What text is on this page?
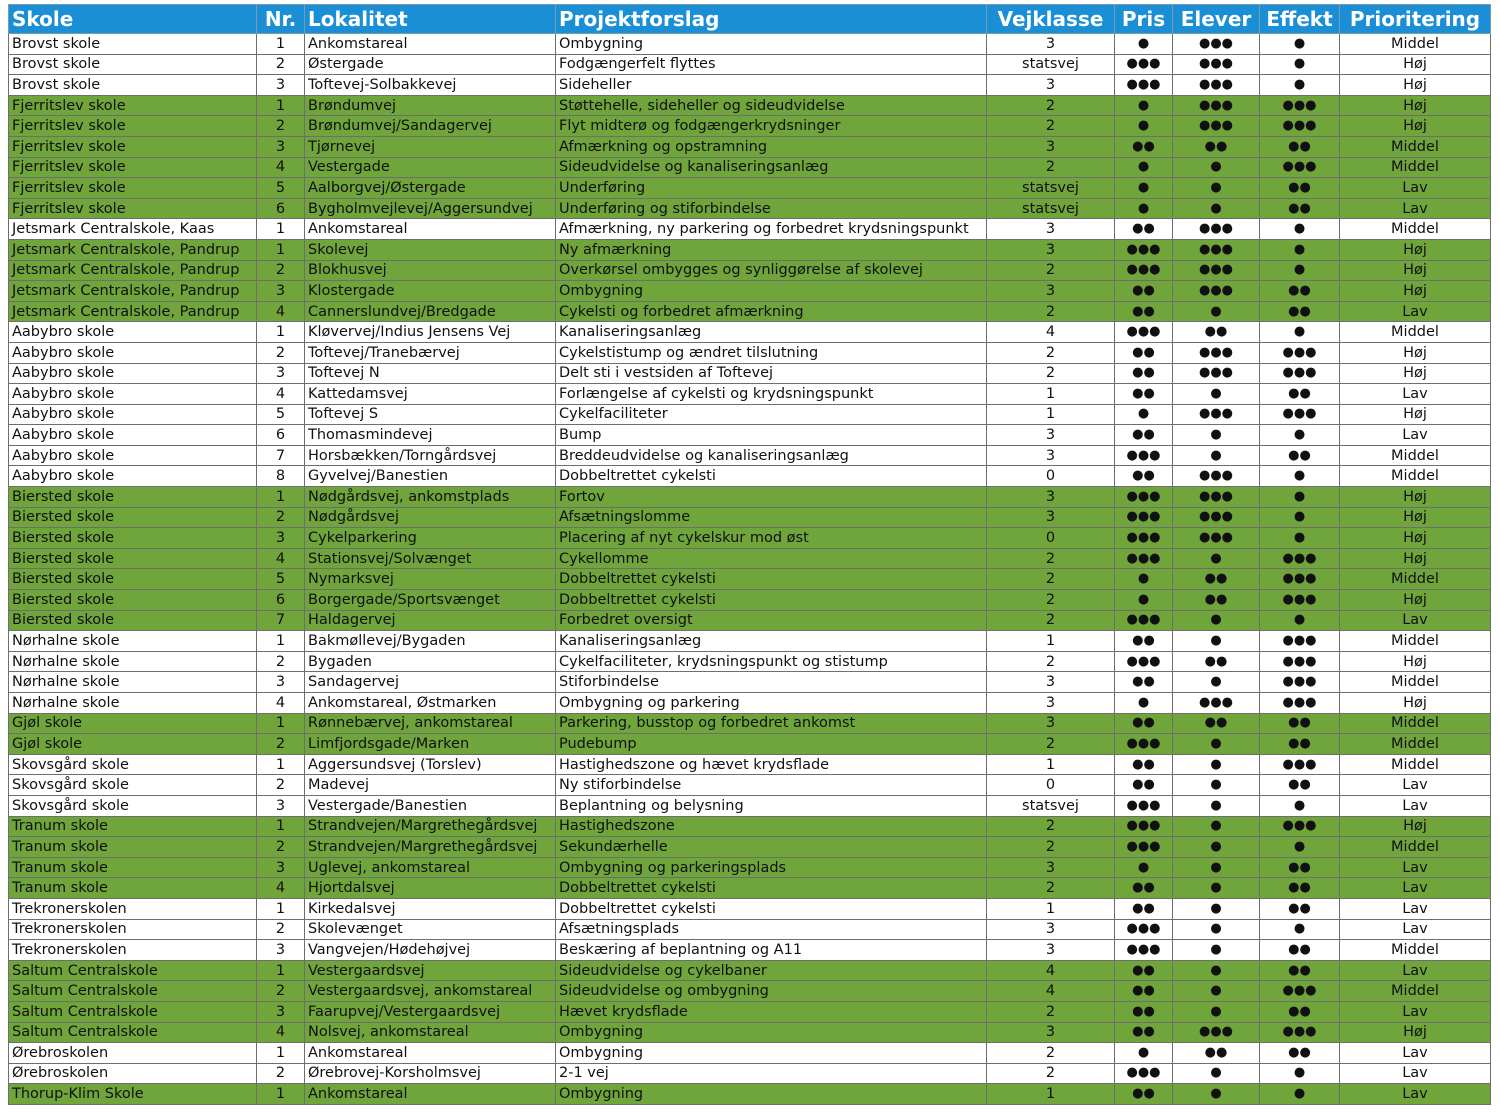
Skole	Nr.	Lokalitet	Projektforslag	Vejklasse	Pris	Elever	Effekt	Prioritering
Brovst skole	1	Ankomstareal	Ombygning	3	●	●●●	●	Middel
Brovst skole	2	Østergade	Fodgængerfelt flyttes	statsvej	●●●	●●●	●	Høj
Brovst skole	3	Toftevej-Solbakkevej	Sideheller	3	●●●	●●●	●	Høj
Fjerritslev skole	1	Brøndumvej	Støttehelle, sideheller og sideudvidelse	2	●	●●●	●●●	Høj
Fjerritslev skole	2	Brøndumvej/Sandagervej	Flyt midterø og fodgængerkrydsninger	2	●	●●●	●●●	Høj
Fjerritslev skole	3	Tjørnevej	Afmærkning og opstramning	3	●●	●●	●●	Middel
Fjerritslev skole	4	Vestergade	Sideudvidelse og kanaliseringsanlæg	2	●	●	●●●	Middel
Fjerritslev skole	5	Aalborgvej/Østergade	Underføring	statsvej	●	●	●●	Lav
Fjerritslev skole	6	Bygholmvejlevej/Aggersundvej	Underføring og stiforbindelse	statsvej	●	●	●●	Lav
Jetsmark Centralskole, Kaas	1	Ankomstareal	Afmærkning, ny parkering og forbedret krydsningspunkt	3	●●	●●●	●	Middel
Jetsmark Centralskole, Pandrup	1	Skolevej	Ny afmærkning	3	●●●	●●●	●	Høj
Jetsmark Centralskole, Pandrup	2	Blokhusvej	Overkørsel ombygges og synliggørelse af skolevej	2	●●●	●●●	●	Høj
Jetsmark Centralskole, Pandrup	3	Klostergade	Ombygning	3	●●	●●●	●●	Høj
Jetsmark Centralskole, Pandrup	4	Cannerslundvej/Bredgade	Cykelsti og forbedret afmærkning	2	●●	●	●●	Lav
Aabybro skole	1	Kløvervej/Indius Jensens Vej	Kanaliseringsanlæg	4	●●●	●●	●	Middel
Aabybro skole	2	Toftevej/Tranebærvej	Cykelstistump og ændret tilslutning	2	●●	●●●	●●●	Høj
Aabybro skole	3	Toftevej N	Delt sti i vestsiden af Toftevej	2	●●	●●●	●●●	Høj
Aabybro skole	4	Kattedamsvej	Forlængelse af cykelsti og krydsningspunkt	1	●●	●	●●	Lav
Aabybro skole	5	Toftevej S	Cykelfaciliteter	1	●	●●●	●●●	Høj
Aabybro skole	6	Thomasmindevej	Bump	3	●●	●	●	Lav
Aabybro skole	7	Horsbækken/Torngårdsvej	Breddeudvidelse og kanaliseringsanlæg	3	●●●	●	●●	Middel
Aabybro skole	8	Gyvelvej/Banestien	Dobbeltrettet cykelsti	0	●●	●●●	●	Middel
Biersted skole	1	Nødgårdsvej, ankomstplads	Fortov	3	●●●	●●●	●	Høj
Biersted skole	2	Nødgårdsvej	Afsætningslomme	3	●●●	●●●	●	Høj
Biersted skole	3	Cykelparkering	Placering af nyt cykelskur mod øst	0	●●●	●●●	●	Høj
Biersted skole	4	Stationsvej/Solvænget	Cykellomme	2	●●●	●	●●●	Høj
Biersted skole	5	Nymarksvej	Dobbeltrettet cykelsti	2	●	●●	●●●	Middel
Biersted skole	6	Borgergade/Sportsvænget	Dobbeltrettet cykelsti	2	●	●●	●●●	Høj
Biersted skole	7	Haldagervej	Forbedret oversigt	2	●●●	●	●	Lav
Nørhalne skole	1	Bakmøllevej/Bygaden	Kanaliseringsanlæg	1	●●	●	●●●	Middel
Nørhalne skole	2	Bygaden	Cykelfaciliteter, krydsningspunkt og stistump	2	●●●	●●	●●●	Høj
Nørhalne skole	3	Sandagervej	Stiforbindelse	3	●●	●	●●●	Middel
Nørhalne skole	4	Ankomstareal, Østmarken	Ombygning og parkering	3	●	●●●	●●●	Høj
Gjøl skole	1	Rønnebærvej, ankomstareal	Parkering, busstop og forbedret ankomst	3	●●	●●	●●	Middel
Gjøl skole	2	Limfjordsgade/Marken	Pudebump	2	●●●	●	●●	Middel
Skovsgård skole	1	Aggersundsvej (Torslev)	Hastighedszone og hævet krydsflade	1	●●	●	●●●	Middel
Skovsgård skole	2	Madevej	Ny stiforbindelse	0	●●	●	●●	Lav
Skovsgård skole	3	Vestergade/Banestien	Beplantning og belysning	statsvej	●●●	●	●	Lav
Tranum skole	1	Strandvejen/Margrethegårdsvej	Hastighedszone	2	●●●	●	●●●	Høj
Tranum skole	2	Strandvejen/Margrethegårdsvej	Sekundærhelle	2	●●●	●	●	Middel
Tranum skole	3	Uglevej, ankomstareal	Ombygning og parkeringsplads	3	●	●	●●	Lav
Tranum skole	4	Hjortdalsvej	Dobbeltrettet cykelsti	2	●●	●	●●	Lav
Trekronerskolen	1	Kirkedalsvej	Dobbeltrettet cykelsti	1	●●	●	●●	Lav
Trekronerskolen	2	Skolevænget	Afsætningsplads	3	●●●	●	●	Lav
Trekronerskolen	3	Vangvejen/Hødehøjvej	Beskæring af beplantning og A11	3	●●●	●	●●	Middel
Saltum Centralskole	1	Vestergaardsvej	Sideudvidelse og cykelbaner	4	●●	●	●●	Lav
Saltum Centralskole	2	Vestergaardsvej, ankomstareal	Sideudvidelse og ombygning	4	●●	●	●●●	Middel
Saltum Centralskole	3	Faarupvej/Vestergaardsvej	Hævet krydsflade	2	●●	●	●●	Lav
Saltum Centralskole	4	Nolsvej, ankomstareal	Ombygning	3	●●	●●●	●●●	Høj
Ørebroskolen	1	Ankomstareal	Ombygning	2	●	●●	●●	Lav
Ørebroskolen	2	Ørebrovej-Korsholmsvej	2-1 vej	2	●●●	●	●	Lav
Thorup-Klim Skole	1	Ankomstareal	Ombygning	1	●●	●	●	Lav
